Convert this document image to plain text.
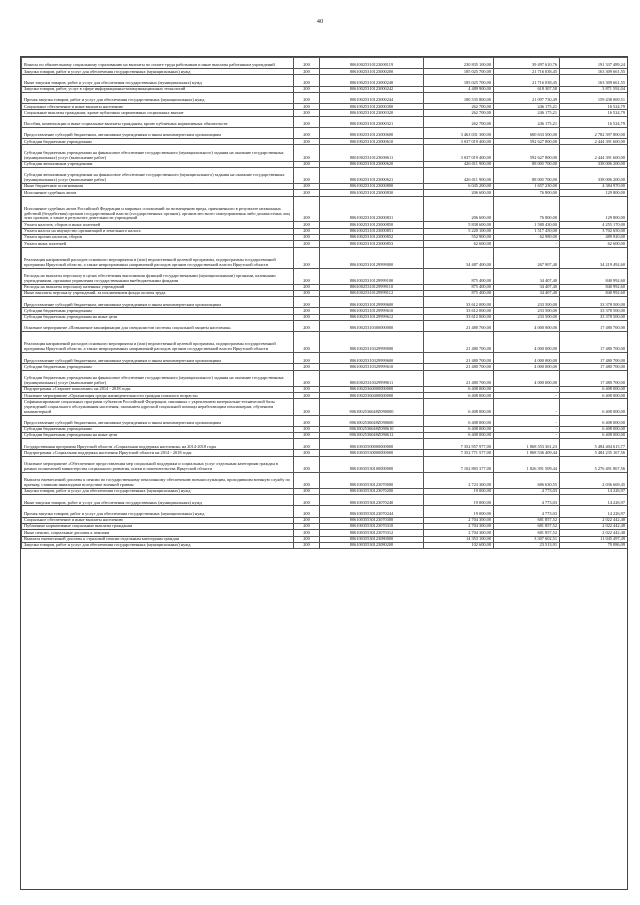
40
Взносы по обязательному социальному страхованию на выплаты по оплате труда работников и иные выплаты работникам учреждений	200	80610025310123000119	230 835 100,00	39 497 610,76	191 337 489,24
Закупка товаров, работ и услуг для обеспечения государственных (муниципальных) нужд	200	80610025310123000200	185 025 700,00	21 716 038,45	163 309 661,55
Иные закупки товаров, работ и услуг для обеспечения государственных (муниципальных) нужд	200	80610025310123000240	185 025 700,00	21 716 038,45	163 309 661,55
Закупка товаров, работ, услуг в сфере информационно-коммуникационных технологий	200	80610025310123000242	4 489 900,00	618 307,58	3 871 592,04
Прочая закупка товаров, работ и услуг для обеспечения государственных (муниципальных) нужд	200	80610025310123000244	180 535 800,00	21 097 730,49	159 438 069,51
Социальное обеспечение и иные выплаты населению	200	80610025310123000300	262 700,00	246 175,21	16 524,79
Социальные выплаты гражданам, кроме публичных нормативных социальных выплат	200	80610025310123000320	262 700,00	246 175,21	16 524,79
Пособия, компенсации и иные социальные выплаты гражданам, кроме публичных нормативных обязательств	200	80610025310123000321	262 700,00	246 175,21	16 524,79
Предоставление субсидий бюджетным, автономным учреждениям и иным некоммерческим организациям	200	80610025310123000600	3 463 031 300,00	680 633 500,00	2 782 397 800,00
Субсидии бюджетным учреждениям	200	80610025310123000610	3 037 019 400,00	592 627 800,00	2 444 391 600,00
Субсидии бюджетным учреждениям на финансовое обеспечение государственного (муниципального) задания на оказание государственных (муниципальных) услуг (выполнение работ)	200	80610025310123000611	3 037 019 400,00	592 627 800,00	2 444 391 600,00
Субсидии автономным учреждениям	200	80610025310123000620	426 011 900,00	88 005 700,00	338 006 200,00
Субсидии автономным учреждениям на финансовое обеспечение государственного (муниципального) задания на оказание государственных (муниципальных) услуг (выполнение работ)	200	80610025310123000621	426 011 900,00	88 005 700,00	338 006 200,00
Иные бюджетные ассигнования	200	80610025310123000800	6 045 200,00	1 657 230,00	4 384 970,00
Исполнение судебных актов	200	80610025310123000830	206 600,00	76 800,00	129 800,00
Исполнение судебных актов Российской Федерации и мировых соглашений по возмещению вреда, причиненного в результате незаконных действий (бездействия) органов государственной власти (государственных органов), органов местного самоуправления либо должностных лиц этих органов, а также в результате деятельности учреждений	200	80610025310123000831	206 600,00	76 800,00	129 800,00
Уплата налогов, сборов и иных платежей	200	80610025310123000850	5 838 600,00	1 580 430,00	4 255 170,00
Уплата налога на имущество организаций и земельного налога	200	80610025310123000851	5 220 100,00	1 517 450,00	3 702 650,00
Уплата прочих налогов, сборов	200	80610025310123000852	552 900,00	62 980,00	489 920,00
Уплата иных платежей	200	80610025310123000853	62 600,00	-	62 600,00
Реализация направлений расходов основного мероприятия и (или) ведомственной целевой программы, подпрограммы государственной программы Иркутской области, а также непрограммных направлений расходов органов государственной власти Иркутской области	200	80610025310129999000	34 487 400,00	267 907,40	34 219 492,60
Расходы на выплаты персоналу в целях обеспечения выполнения функций государственными (муниципальными) органами, казенными учреждениями, органами управления государственными внебюджетными фондами	200	80610025310129999100	875 400,00	34 407,40	840 992,60
Расходы на выплаты персоналу казенных учреждений	200	80610025310129999110	875 400,00	34 407,40	840 992,60
Иные выплаты персоналу учреждений, за исключением фонда оплаты труда	200	80610025310129999112	875 400,00	34 407,40	840 992,60
Предоставление субсидий бюджетным, автономным учреждениям и иным некоммерческим организациям	200	80610025310129999600	33 612 000,00	233 500,00	33 378 500,00
Субсидии бюджетным учреждениям	200	80610025310129999610	33 612 000,00	233 500,00	33 378 500,00
Субсидии бюджетным учреждениям на иные цели	200	80610025310129999612	33 612 000,00	233 500,00	33 378 500,00
Основное мероприятие «Повышение квалификации для специалистов системы социальной защиты населения»	200	80610025310300000000	21 480 700,00	4 000 000,00	17 480 700,00
Реализация направлений расходов основного мероприятия и (или) ведомственной целевой программы, подпрограммы государственной программы Иркутской области, а также непрограммных направлений расходов органов государственной власти Иркутской области	200	80610025310329999000	21 480 700,00	4 000 000,00	17 480 700,00
Предоставление субсидий бюджетным, автономным учреждениям и иным некоммерческим организациям	200	80610025310329999600	21 480 700,00	4 000 000,00	17 480 700,00
Субсидии бюджетным учреждениям	200	80610025310329999610	21 480 700,00	4 000 000,00	17 480 700,00
Субсидии бюджетным учреждениям на финансовое обеспечение государственного (муниципального) задания на оказание государственных (муниципальных) услуг (выполнение работ)	200	80610025310329999611	21 480 700,00	4 000 000,00	17 480 700,00
Подпрограмма «Старшее поколение» на 2014 - 2018 годы	200	80610025360000000000	6 408 000,00	-	6 408 000,00
Основное мероприятие «Организация среды жизнедеятельности граждан пожилого возраста»	200	80610025360400000000	6 408 000,00	-	6 408 000,00
Софинансирование социальных программ субъектов Российской Федерации, связанных с укреплением материально-технической базы учреждений социального обслуживания населения, оказанием адресной социальной помощи неработающим пенсионерам, обучением компьютерной	200	8061002536048Z090000	6 408 000,00	-	6 408 000,00
Предоставление субсидий бюджетным, автономным учреждениям и иным некоммерческим организациям	200	8061002536048Z090600	6 408 000,00	-	6 408 000,00
Субсидии бюджетным учреждениям	200	8061002536048Z090610	6 408 000,00	-	6 408 000,00
Субсидии бюджетным учреждениям на иные цели	200	8061002536048Z090612	6 408 000,00	-	6 408 000,00
Государственная программа Иркутской области «Социальная поддержка населения» на 2014-2018 годы	200	80610035500000000000	7 352 957 977,00	1 868 553 361,23	5 484 404 615,77
Подпрограмма «Социальная поддержка населения Иркутской области на 2014 - 2018 годы	200	80610035530000000000	7 352 771 577,00	1 868 536 409,44	5 484 235 167,56
Основное мероприятие «Обеспечение предоставления мер социальной поддержки и социальных услуг отдельным категориям граждан в рамках полномочий министерства социального развития, опеки и попечительства Иркутской области	200	80610035530100000000	7 102 883 377,00	1 826 391 509,44	5 276 491 867,56
Выплата ежемесячной доплаты к пенсии по государственному пенсионному обеспечению военнослужащим, проходившим военную службу по призыву, ставшим инвалидами вследствие военной травмы	200	80610035530123070000	2 723 300,00	686 630,55	2 036 669,45
Закупка товаров, работ и услуг для обеспечения государственных (муниципальных) нужд	200	80610035530123070200	19 000,00	4 773,03	14 226,97
Иные закупки товаров, работ и услуг для обеспечения государственных (муниципальных) нужд	200	80610035530123070240	19 000,00	4 773,03	14 226,97
Прочая закупка товаров, работ и услуг для обеспечения государственных (муниципальных) нужд	200	80610035530123070244	19 000,00	4 773,03	14 226,97
Социальное обеспечение и иные выплаты населению	200	80610035530123070300	2 704 300,00	681 857,52	2 022 442,48
Публичные нормативные социальные выплаты гражданам	200	80610035530123070310	2 704 300,00	681 857,52	2 022 442,48
Иные пенсии, социальные доплаты к пенсиям	200	80610035530123070312	2 704 300,00	681 857,52	2 022 442,48
Выплата ежемесячной доплаты к страховой пенсии отдельным категориям граждан	200	80610035530123080000	14 353 100,00	3 307 602,51	11 045 497,49
Закупка товаров, работ и услуг для обеспечения государственных (муниципальных) нужд	200	80610035530123080200	102 600,00	23 513,91	79 086,09
